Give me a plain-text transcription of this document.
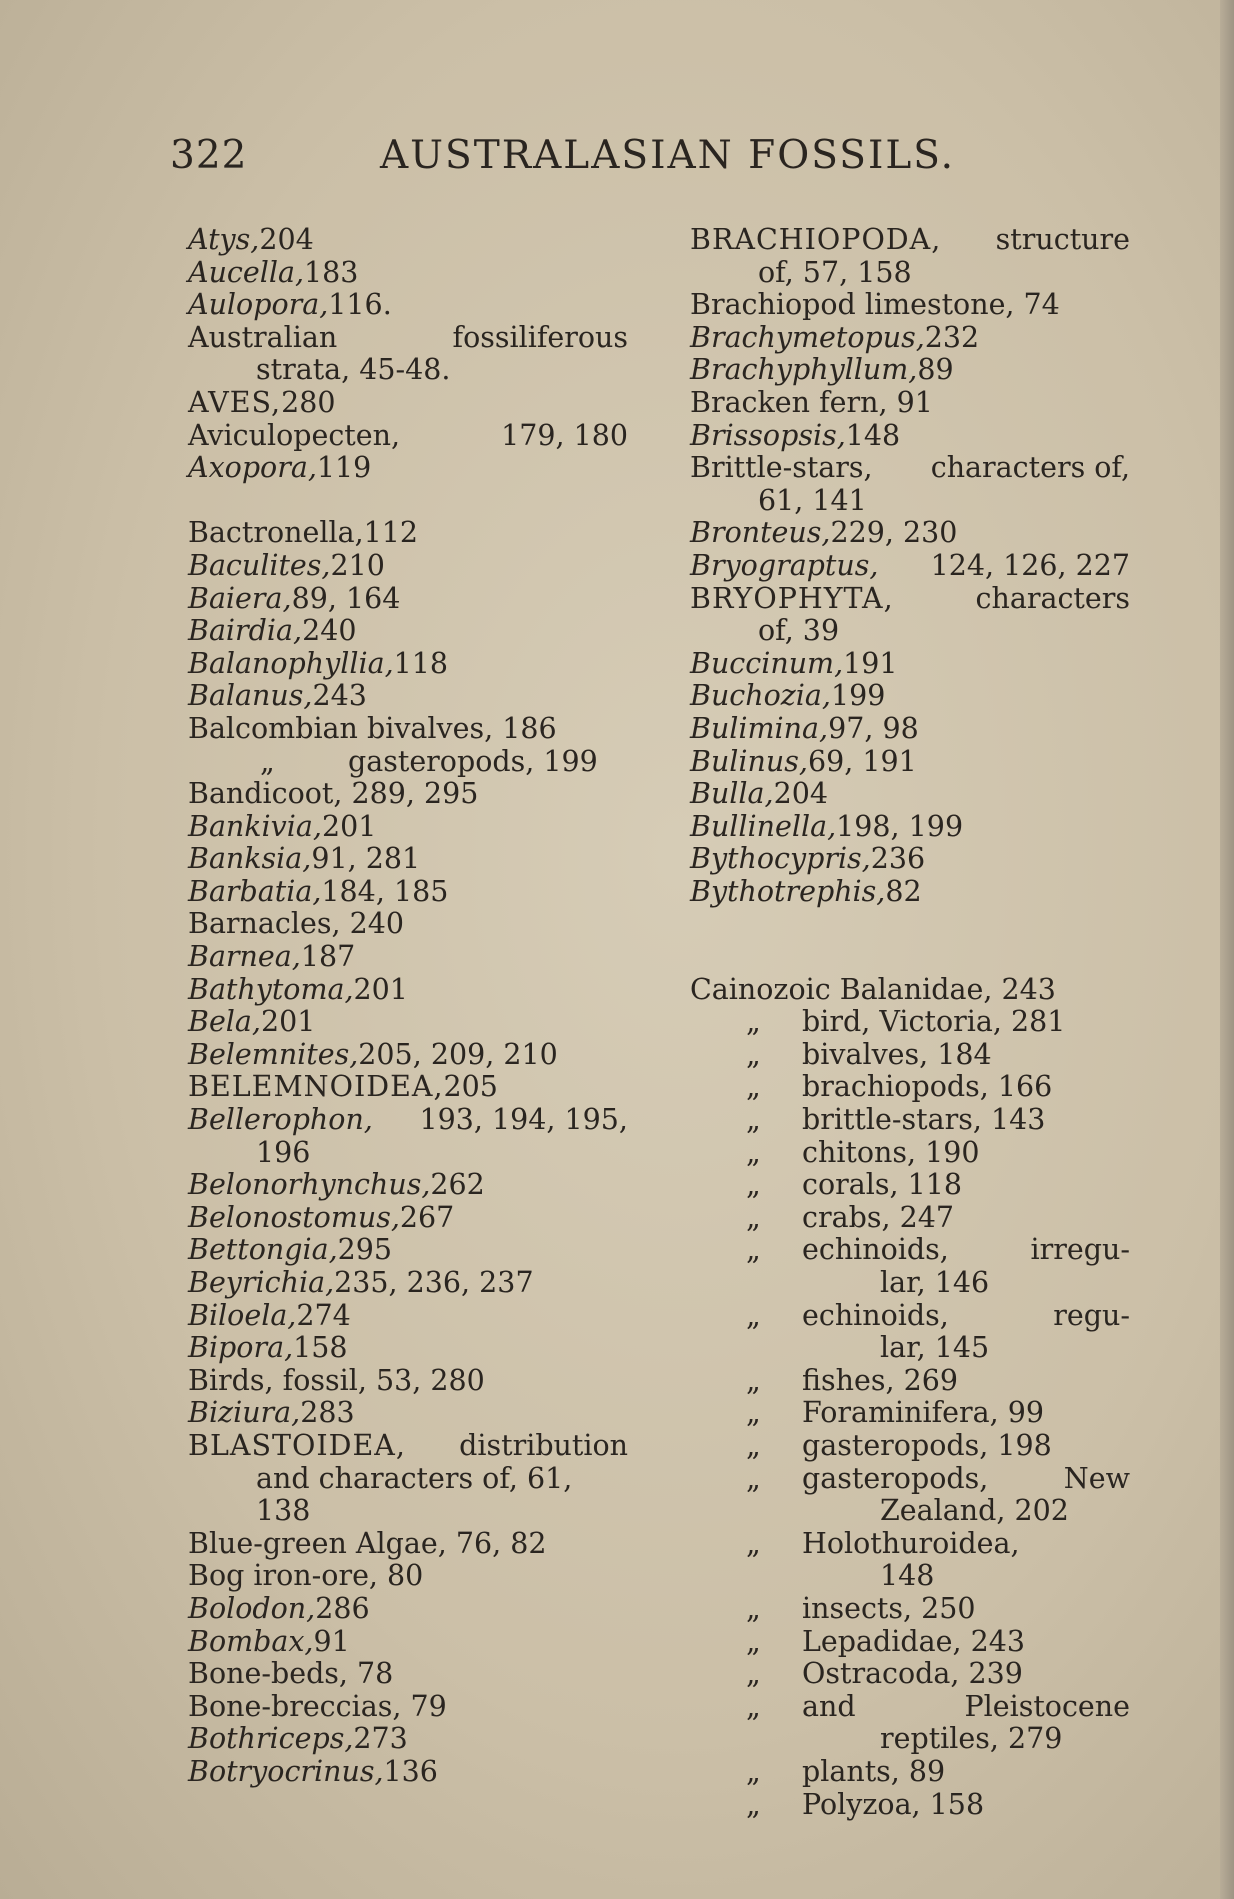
322	AUSTRALASIAN FOSSILS.
Atys, 204
Aucella, 183
Aulopora, 116.
Australian	fossiliferous
strata, 45-48.
AVES, 280
Aviculopecten,	179, 180
Axopora, 119
Bactronella, 112
Baculites, 210
Baiera, 89, 164
Bairdia, 240
Balanophyllia, 118
Balanus, 243
Balcombian bivalves, 186
„	gasteropods, 199
Bandicoot, 289, 295
Bankivia, 201
Banksia, 91, 281
Barbatia, 184, 185
Barnacles, 240
Barnea, 187
Bathytoma, 201
Bela, 201
Belemnites, 205, 209, 210
BELEMNOIDEA, 205
Bellerophon, 193, 194, 195,
196
Belonorhynchus, 262
Belonostomus, 267
Bettongia, 295
Beyrichia, 235, 236, 237
Biloela, 274
Bipora, 158
Birds, fossil, 53, 280
Biziura, 283
BLASTOIDEA, distribution
and characters of, 61,
138
Blue-green Algae, 76, 82
Bog iron-ore, 80
Bolodon, 286
Bombax, 91
Bone-beds, 78
Bone-breccias, 79
Bothriceps, 273
Botryocrinus, 136
BRACHIOPODA, structure
of, 57, 158
Brachiopod limestone, 74
Brachymetopus, 232
Brachyphyllum, 89
Bracken fern, 91
Brissopsis, 148
Brittle-stars, characters of,
61, 141
Bronteus, 229, 230
Bryograptus, 124, 126, 227
BRYOPHYTA,	characters
of, 39
Buccinum, 191
Buchozia, 199
Bulimina, 97, 98
Bulinus, 69, 191
Bulla, 204
Bullinella, 198, 199
Bythocypris, 236
Bythotrephis, 82
Cainozoic Balanidae, 243
„	bird, Victoria, 281
„	bivalves, 184
„	brachiopods, 166
„	brittle-stars, 143
„	chitons, 190
„	corals, 118
„	crabs, 247
„	echinoids,	irregu-
lar, 146
„	echinoids,	regu-
lar, 145
„	fishes, 269
„	Foraminifera, 99
„	gasteropods, 198
„	gasteropods,	New
Zealand, 202
„	Holothuroidea,
148
„	insects, 250
„	Lepadidae, 243
„	Ostracoda, 239
„	and	Pleistocene
reptiles, 279
„	plants, 89
„	Polyzoa, 158
